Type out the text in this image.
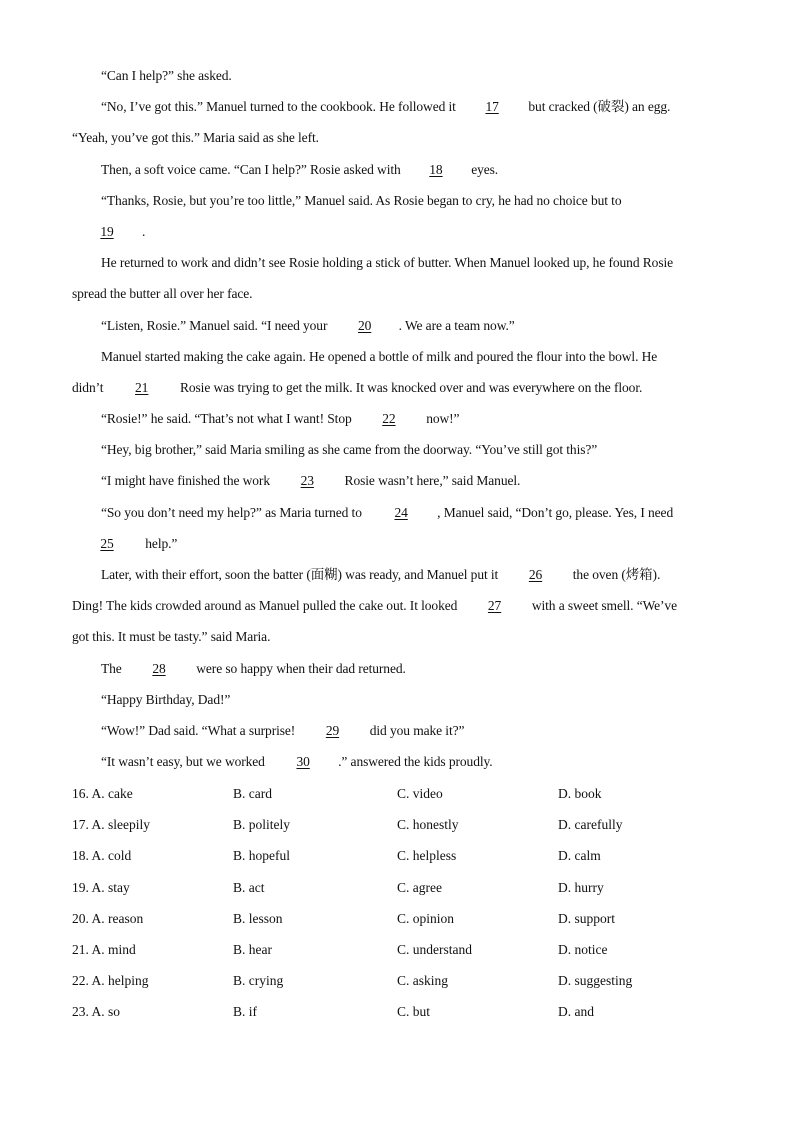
“Can I help?” she asked.
“No, I’ve got this.” Manuel turned to the cookbook. He followed it 17 but cracked (破裂) an egg.
“Yeah, you’ve got this.” Maria said as she left.
Then, a soft voice came. “Can I help?” Rosie asked with 18 eyes.
“Thanks, Rosie, but you’re too little,” Manuel said. As Rosie began to cry, he had no choice but to
19 .
He returned to work and didn’t see Rosie holding a stick of butter. When Manuel looked up, he found Rosie
spread the butter all over her face.
“Listen, Rosie.” Manuel said. “I need your 20 . We are a team now.”
Manuel started making the cake again. He opened a bottle of milk and poured the flour into the bowl. He
didn’t 21 Rosie was trying to get the milk. It was knocked over and was everywhere on the floor.
“Rosie!” he said. “That’s not what I want! Stop 22 now!”
“Hey, big brother,” said Maria smiling as she came from the doorway. “You’ve still got this?”
“I might have finished the work 23 Rosie wasn’t here,” said Manuel.
“So you don’t need my help?” as Maria turned to 24 , Manuel said, “Don’t go, please. Yes, I need
25 help.”
Later, with their effort, soon the batter (面糊) was ready, and Manuel put it 26 the oven (烤箱).
Ding! The kids crowded around as Manuel pulled the cake out. It looked 27 with a sweet smell. “We’ve
got this. It must be tasty.” said Maria.
The 28 were so happy when their dad returned.
“Happy Birthday, Dad!”
“Wow!” Dad said. “What a surprise! 29 did you make it?”
“It wasn’t easy, but we worked 30 .” answered the kids proudly.
16. A. cake	B. card	C. video	D. book
17. A. sleepily	B. politely	C. honestly	D. carefully
18. A. cold	B. hopeful	C. helpless	D. calm
19. A. stay	B. act	C. agree	D. hurry
20. A. reason	B. lesson	C. opinion	D. support
21. A. mind	B. hear	C. understand	D. notice
22. A. helping	B. crying	C. asking	D. suggesting
23. A. so	B. if	C. but	D. and
